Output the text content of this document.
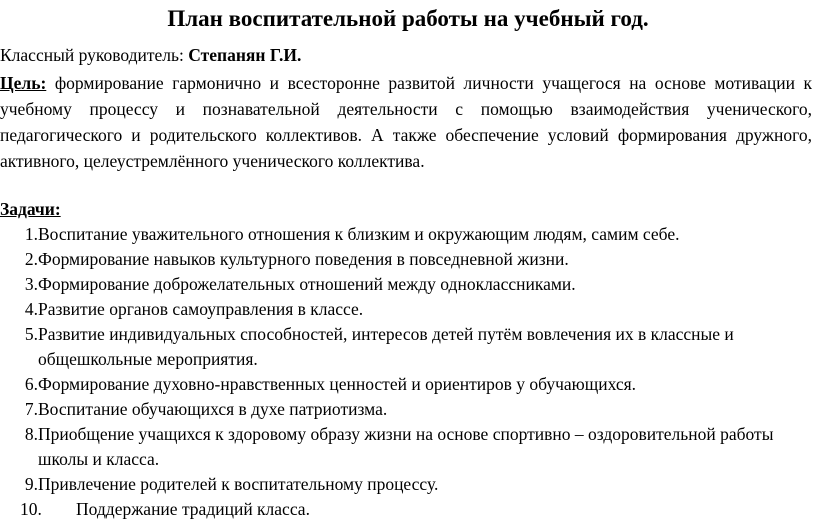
План воспитательной работы на учебный год.
Классный руководитель: Степанян Г.И.
Цель: формирование гармонично и всесторонне развитой личности учащегося на основе мотивации к учебному процессу и познавательной деятельности с помощью взаимодействия ученического, педагогического и родительского коллективов. А также обеспечение условий формирования дружного, активного, целеустремлённого ученического коллектива.
Задачи:
1. Воспитание уважительного отношения к близким и окружающим людям, самим себе.
2. Формирование навыков культурного поведения в повседневной жизни.
3. Формирование доброжелательных отношений между одноклассниками.
4. Развитие органов самоуправления в классе.
5. Развитие индивидуальных способностей, интересов детей путём вовлечения их в классные и общешкольные мероприятия.
6. Формирование духовно-нравственных ценностей и ориентиров у обучающихся.
7. Воспитание обучающихся в духе патриотизма.
8. Приобщение учащихся к здоровому образу жизни на основе спортивно – оздоровительной работы школы и класса.
9. Привлечение родителей к воспитательному процессу.
10. Поддержание традиций класса.
